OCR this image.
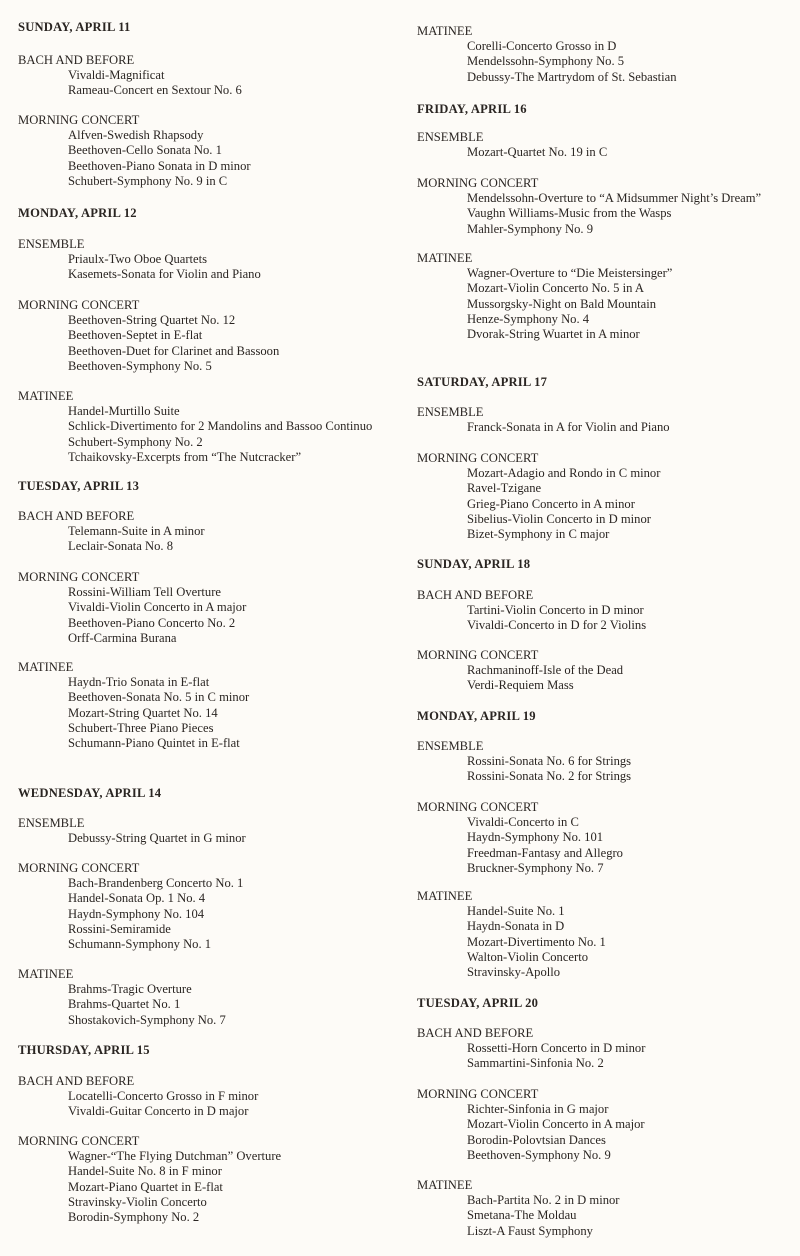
SUNDAY, APRIL 11
BACH AND BEFORE
Vivaldi-Magnificat
Rameau-Concert en Sextour No. 6
MORNING CONCERT
Alfven-Swedish Rhapsody
Beethoven-Cello Sonata No. 1
Beethoven-Piano Sonata in D minor
Schubert-Symphony No. 9 in C
MONDAY, APRIL 12
ENSEMBLE
Priaulx-Two Oboe Quartets
Kasemets-Sonata for Violin and Piano
MORNING CONCERT
Beethoven-String Quartet No. 12
Beethoven-Septet in E-flat
Beethoven-Duet for Clarinet and Bassoon
Beethoven-Symphony No. 5
MATINEE
Handel-Murtillo Suite
Schlick-Divertimento for 2 Mandolins and Bassoo Continuo
Schubert-Symphony No. 2
Tchaikovsky-Excerpts from “The Nutcracker”
TUESDAY, APRIL 13
BACH AND BEFORE
Telemann-Suite in A minor
Leclair-Sonata No. 8
MORNING CONCERT
Rossini-William Tell Overture
Vivaldi-Violin Concerto in A major
Beethoven-Piano Concerto No. 2
Orff-Carmina Burana
MATINEE
Haydn-Trio Sonata in E-flat
Beethoven-Sonata No. 5 in C minor
Mozart-String Quartet No. 14
Schubert-Three Piano Pieces
Schumann-Piano Quintet in E-flat
WEDNESDAY, APRIL 14
ENSEMBLE
Debussy-String Quartet in G minor
MORNING CONCERT
Bach-Brandenberg Concerto No. 1
Handel-Sonata Op. 1 No. 4
Haydn-Symphony No. 104
Rossini-Semiramide
Schumann-Symphony No. 1
MATINEE
Brahms-Tragic Overture
Brahms-Quartet No. 1
Shostakovich-Symphony No. 7
THURSDAY, APRIL 15
BACH AND BEFORE
Locatelli-Concerto Grosso in F minor
Vivaldi-Guitar Concerto in D major
MORNING CONCERT
Wagner-“The Flying Dutchman” Overture
Handel-Suite No. 8 in F minor
Mozart-Piano Quartet in E-flat
Stravinsky-Violin Concerto
Borodin-Symphony No. 2
MATINEE
Corelli-Concerto Grosso in D
Mendelssohn-Symphony No. 5
Debussy-The Martrydom of St. Sebastian
FRIDAY, APRIL 16
ENSEMBLE
Mozart-Quartet No. 19 in C
MORNING CONCERT
Mendelssohn-Overture to “A Midsummer Night’s Dream”
Vaughn Williams-Music from the Wasps
Mahler-Symphony No. 9
MATINEE
Wagner-Overture to “Die Meistersinger”
Mozart-Violin Concerto No. 5 in A
Mussorgsky-Night on Bald Mountain
Henze-Symphony No. 4
Dvorak-String Wuartet in A minor
SATURDAY, APRIL 17
ENSEMBLE
Franck-Sonata in A for Violin and Piano
MORNING CONCERT
Mozart-Adagio and Rondo in C minor
Ravel-Tzigane
Grieg-Piano Concerto in A minor
Sibelius-Violin Concerto in D minor
Bizet-Symphony in C major
SUNDAY, APRIL 18
BACH AND BEFORE
Tartini-Violin Concerto in D minor
Vivaldi-Concerto in D for 2 Violins
MORNING CONCERT
Rachmaninoff-Isle of the Dead
Verdi-Requiem Mass
MONDAY, APRIL 19
ENSEMBLE
Rossini-Sonata No. 6 for Strings
Rossini-Sonata No. 2 for Strings
MORNING CONCERT
Vivaldi-Concerto in C
Haydn-Symphony No. 101
Freedman-Fantasy and Allegro
Bruckner-Symphony No. 7
MATINEE
Handel-Suite No. 1
Haydn-Sonata in D
Mozart-Divertimento No. 1
Walton-Violin Concerto
Stravinsky-Apollo
TUESDAY, APRIL 20
BACH AND BEFORE
Rossetti-Horn Concerto in D minor
Sammartini-Sinfonia No. 2
MORNING CONCERT
Richter-Sinfonia in G major
Mozart-Violin Concerto in A major
Borodin-Polovtsian Dances
Beethoven-Symphony No. 9
MATINEE
Bach-Partita No. 2 in D minor
Smetana-The Moldau
Liszt-A Faust Symphony
